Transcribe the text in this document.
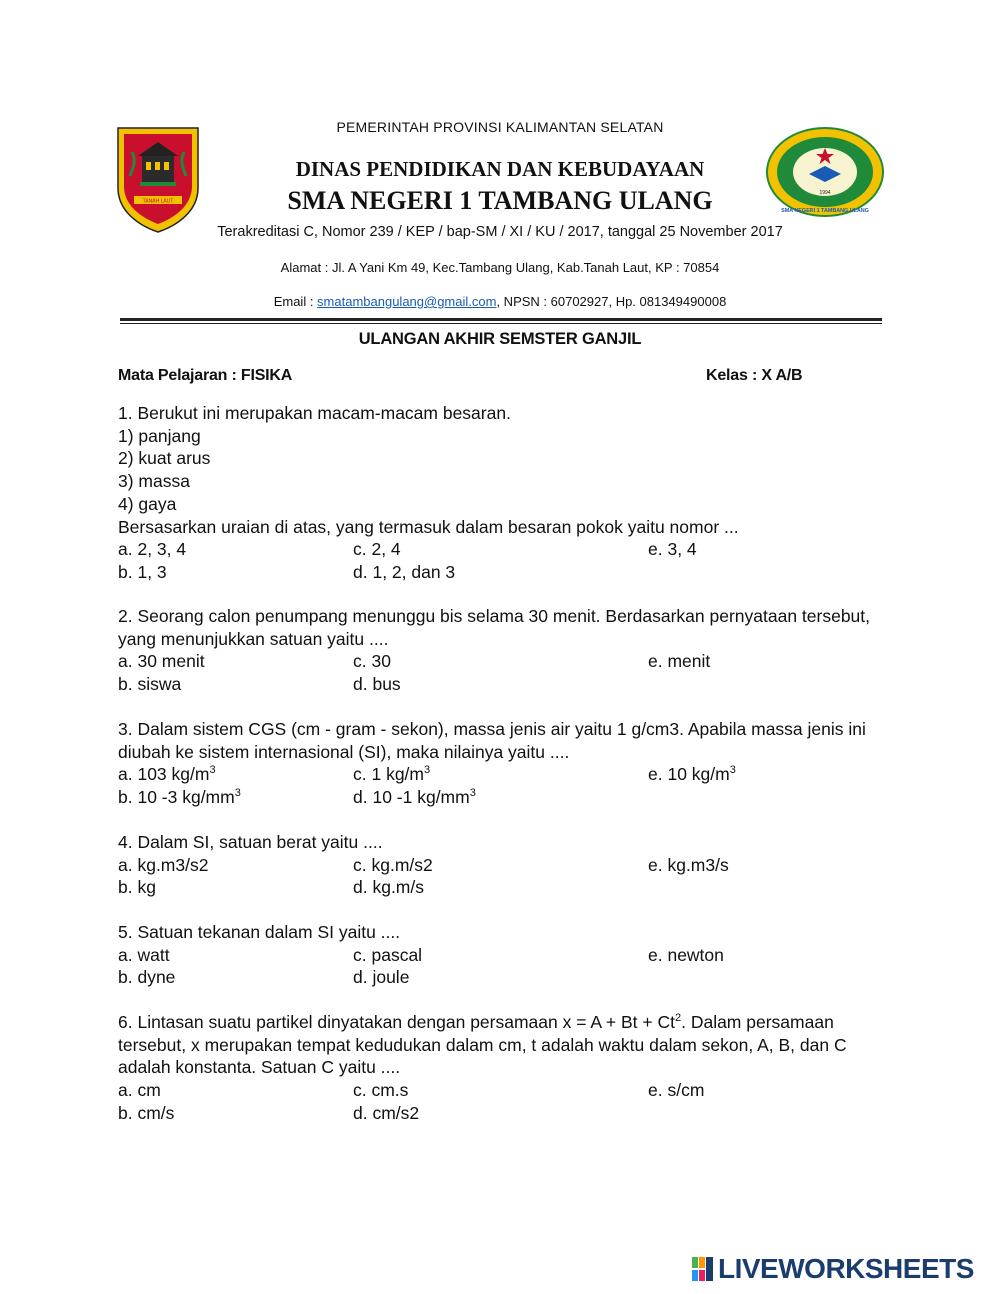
TANAH LAUT
1994
SMA NEGERI 1 TAMBANG ULANG
PEMERINTAH PROVINSI KALIMANTAN SELATAN
DINAS PENDIDIKAN DAN KEBUDAYAAN
SMA NEGERI 1 TAMBANG ULANG
Terakreditasi C, Nomor 239 / KEP / bap-SM / XI / KU / 2017, tanggal 25 November 2017
Alamat : Jl. A Yani Km 49, Kec.Tambang Ulang, Kab.Tanah Laut, KP : 70854
Email : smatambangulang@gmail.com, NPSN : 60702927, Hp. 081349490008
ULANGAN AKHIR SEMSTER GANJIL
Mata Pelajaran : FISIKA	Kelas : X A/B

1. Berukut ini merupakan macam-macam besaran.

1) panjang

2) kuat arus

3) massa

4) gaya

Bersasarkan uraian di atas, yang termasuk dalam besaran pokok yaitu nomor ...

a. 2, 3, 4	c. 2, 4	e. 3, 4
b. 1, 3	d. 1, 2, dan 3

2. Seorang calon penumpang menunggu bis selama 30 menit. Berdasarkan pernyataan tersebut, yang menunjukkan satuan yaitu ....

a. 30 menit	c. 30	e. menit
b. siswa	d. bus

3. Dalam sistem CGS (cm - gram - sekon), massa jenis air yaitu 1 g/cm3. Apabila massa jenis ini diubah ke sistem internasional (SI), maka nilainya yaitu ....

a. 103 $kg/m^3$	c. 1 $kg/m^3$	e. 10 $kg/m^3$
b. 10 -3 $kg/mm^3$	d. 10 -1 $kg/mm^3$

4. Dalam SI, satuan berat yaitu ....

a. kg.m3/s2	c. kg.m/s2	e. kg.m3/s
b. kg	d. kg.m/s

5. Satuan tekanan dalam SI yaitu ....

a. watt	c. pascal	e. newton
b. dyne	d. joule

6. Lintasan suatu partikel dinyatakan dengan persamaan $x = A + Bt + Ct^2$. Dalam persamaan tersebut, x merupakan tempat kedudukan dalam cm, t adalah waktu dalam sekon, A, B, dan C adalah konstanta. Satuan C yaitu ....

a. cm	c. cm.s	e. s/cm
b. cm/s	d. cm/s2
LIVEWORKSHEETS
